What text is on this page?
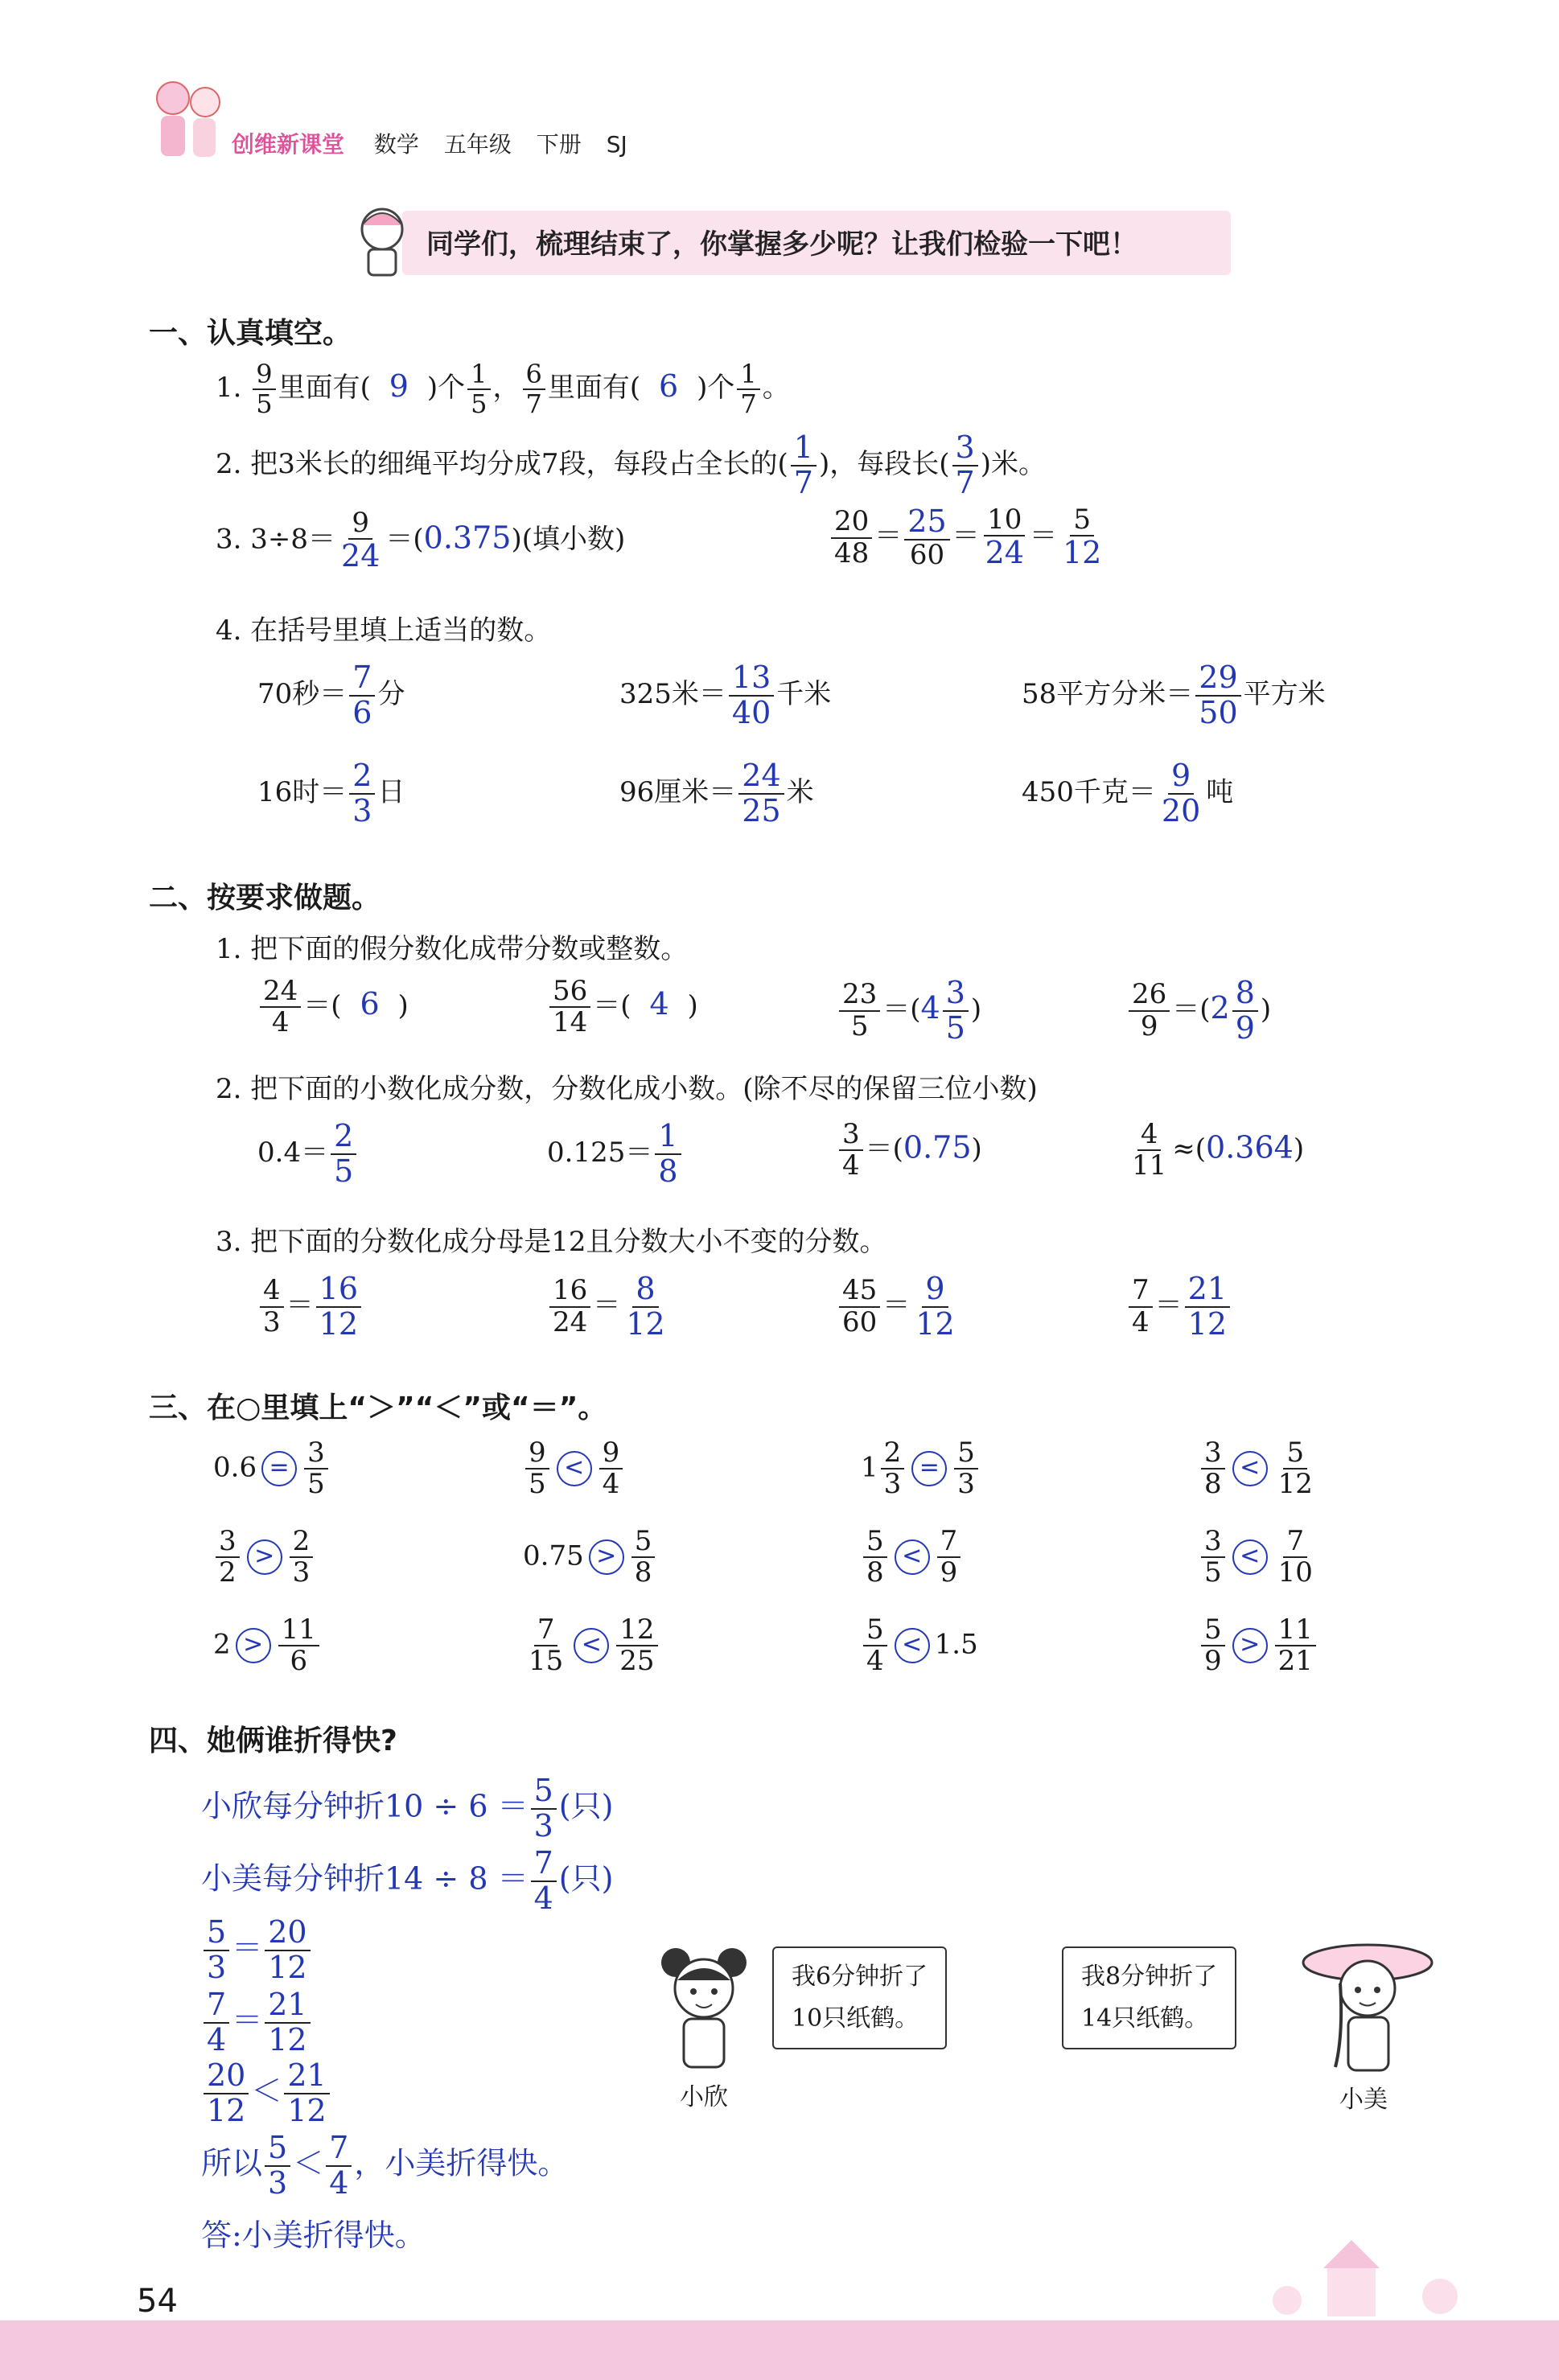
创维新课堂 数学 五年级 下册 SJ
同学们，梳理结束了，你掌握多少呢？让我们检验一下吧！
一、认真填空。
1. $\frac{9}{5}$ 里面有( 9 )个 $\frac{1}{5}$ ， $\frac{6}{7}$ 里面有( 6 )个 $\frac{1}{7}$ 。
2. 把3米长的细绳平均分成7段，每段占全长的( $\frac{1}{7}$ )，每段长( $\frac{3}{7}$ )米。
3. $3\div 8= \frac{9}{24} =(0.375)$(填小数)	$\frac{20}{48} = \frac{25}{60} = \frac{10}{24} = \frac{5}{12}$
4. 在括号里填上适当的数。
70秒＝ $\frac{7}{6}$ 分	325米＝ $\frac{13}{40}$ 千米	58平方分米＝ $\frac{29}{50}$ 平方米
16时＝ $\frac{2}{3}$ 日	96厘米＝ $\frac{24}{25}$ 米	450千克＝ $\frac{9}{20}$ 吨
二、按要求做题。
1. 把下面的假分数化成带分数或整数。
$\frac{24}{4}$ ＝( 6 )	$\frac{56}{14}$ ＝( 4 )	$\frac{23}{5} =(4 \frac{3}{5}$ )	$\frac{26}{9} =(2 \frac{8}{9}$ )
2. 把下面的小数化成分数，分数化成小数。(除不尽的保留三位小数)
$0.4= \frac{2}{5}$	$0.125= \frac{1}{8}$	$\frac{3}{4} =(0.75)$	$\frac{4}{11} \approx(0.364)$
3. 把下面的分数化成分母是12且分数大小不变的分数。
$\frac{4}{3} = \frac{16}{12}$	$\frac{16}{24} = \frac{8}{12}$	$\frac{45}{60} = \frac{9}{12}$	$\frac{7}{4} = \frac{21}{12}$
三、在○里填上“＞”“＜”或“＝”。
$0.6 = \frac{3}{5}$	$\frac{9}{5} < \frac{9}{4}$	$1 \frac{2}{3} = \frac{5}{3}$	$\frac{3}{8} < \frac{5}{12}$
$\frac{3}{2} > \frac{2}{3}$	$0.75 > \frac{5}{8}$	$\frac{5}{8} < \frac{7}{9}$	$\frac{3}{5} < \frac{7}{10}$
$2 > \frac{11}{6}$	$\frac{7}{15} < \frac{12}{25}$	$\frac{5}{4} < 1.5$	$\frac{5}{9} > \frac{11}{21}$
四、她俩谁折得快?
小欣每分钟折$10 \div 6 = \frac{5}{3}$ (只)
小美每分钟折$14 \div 8 = \frac{7}{4}$ (只)
$\frac{5}{3} = \frac{20}{12}$
$\frac{7}{4} = \frac{21}{12}$
$\frac{20}{12} < \frac{21}{12}$
所以 $\frac{5}{3} < \frac{7}{4}$ ，小美折得快。
答:小美折得快。
我6分钟折了
10只纸鹤。
小欣
我8分钟折了
14只纸鹤。
小美
54
